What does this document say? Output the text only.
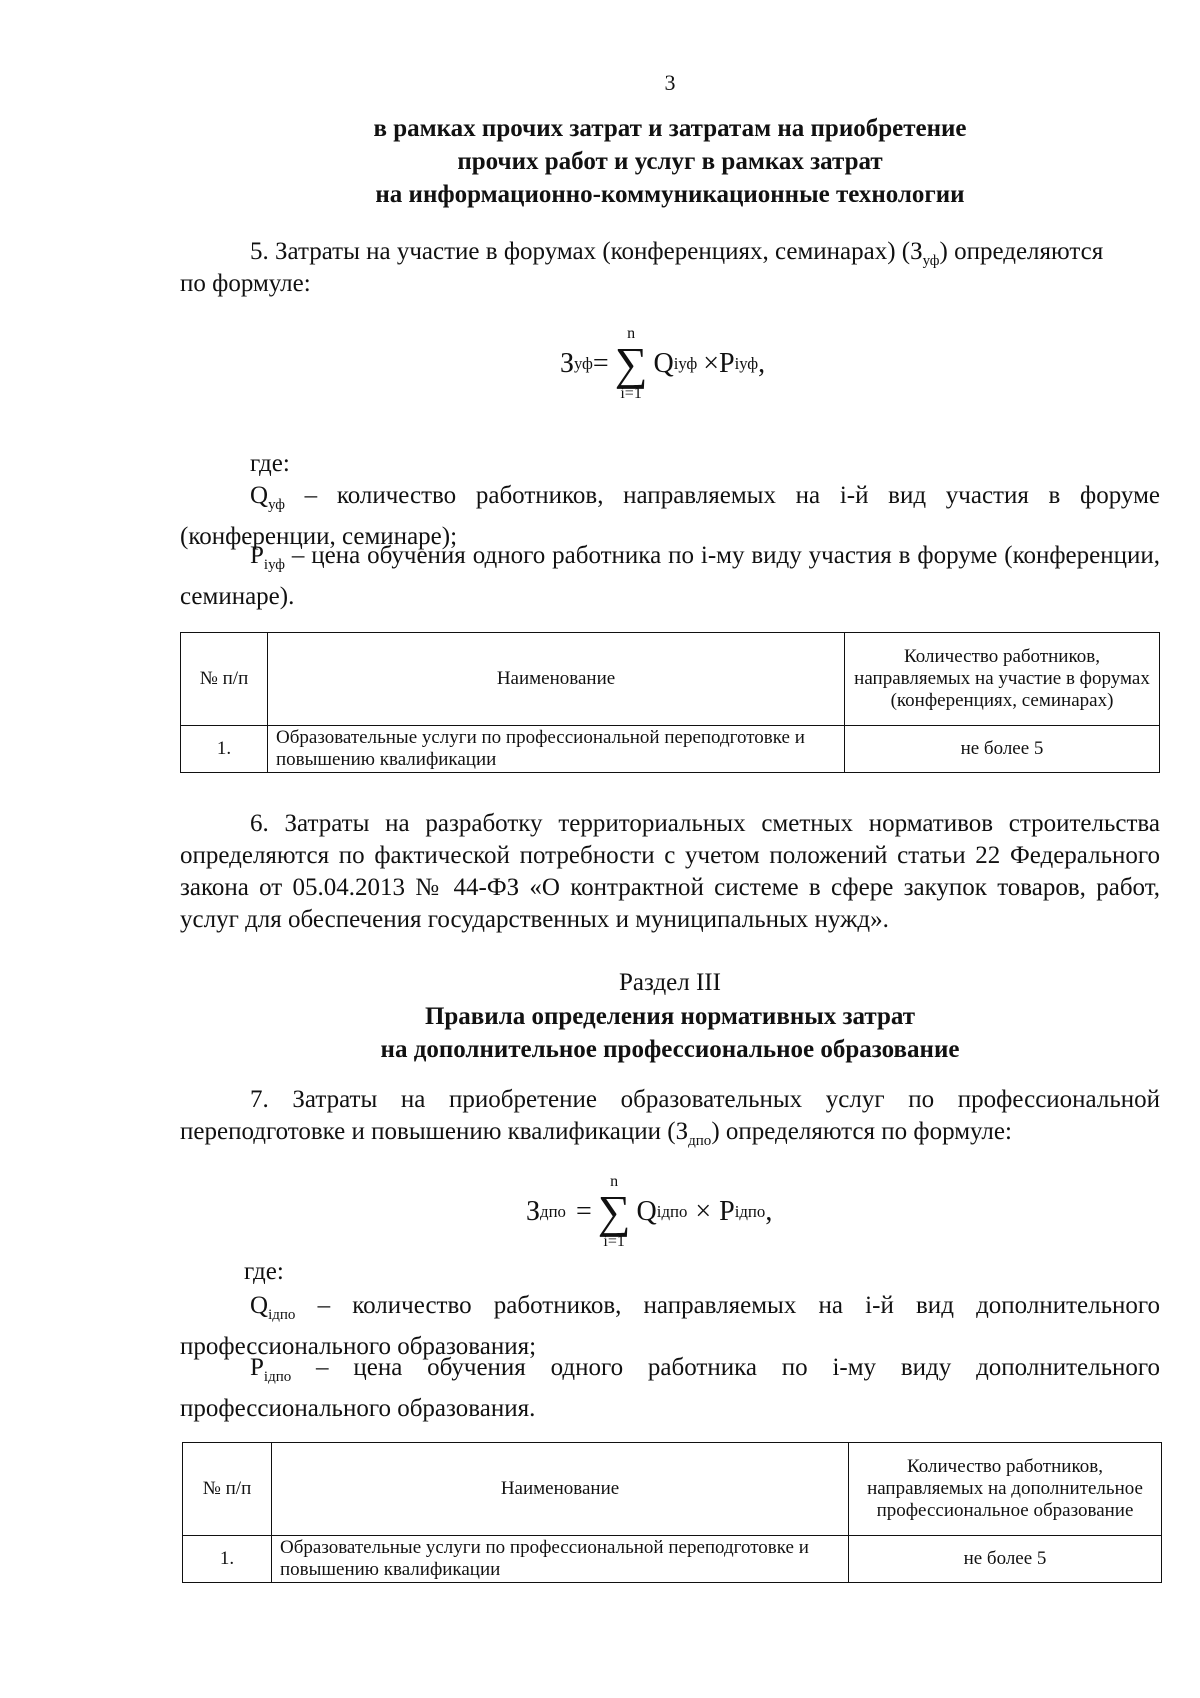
3
в рамках прочих затрат и затратам на приобретение
прочих работ и услуг в рамках затрат
на информационно-коммуникационные технологии
5. Затраты на участие в форумах (конференциях, семинарах) $(З_{уф})$ определяются
по формуле:
З уф =
n
∑
i=1
Q iуф × P iуф ,
где:
$Q_{уф}$ – количество работников, направляемых на i-й вид участия в форуме (конференции, семинаре);
$P_{iуф}$ – цена обучения одного работника по i-му виду участия в форуме (конференции, семинаре).
№ п/п	Наименование	Количество работников, направляемых на участие в форумах (конференциях, семинарах)
1.	Образовательные услуги по профессиональной переподготовке и повышению квалификации	не более 5
6. Затраты на разработку территориальных сметных нормативов строительства определяются по фактической потребности с учетом положений статьи 22 Федерального закона от 05.04.2013 № 44-ФЗ «О контрактной системе в сфере закупок товаров, работ, услуг для обеспечения государственных и муниципальных нужд».
Раздел III
Правила определения нормативных затрат
на дополнительное профессиональное образование
7. Затраты на приобретение образовательных услуг по профессиональной переподготовке и повышению квалификации $(З_{дпо})$ определяются по формуле:
З дпо =
n
∑
i=1
Q iдпо × P iдпо ,
где:
$Q_{iдпо}$ – количество работников, направляемых на i-й вид дополнительного профессионального образования;
$P_{iдпо}$ – цена обучения одного работника по i-му виду дополнительного профессионального образования.
№ п/п	Наименование	Количество работников, направляемых на дополнительное профессиональное образование
1.	Образовательные услуги по профессиональной переподготовке и повышению квалификации	не более 5
